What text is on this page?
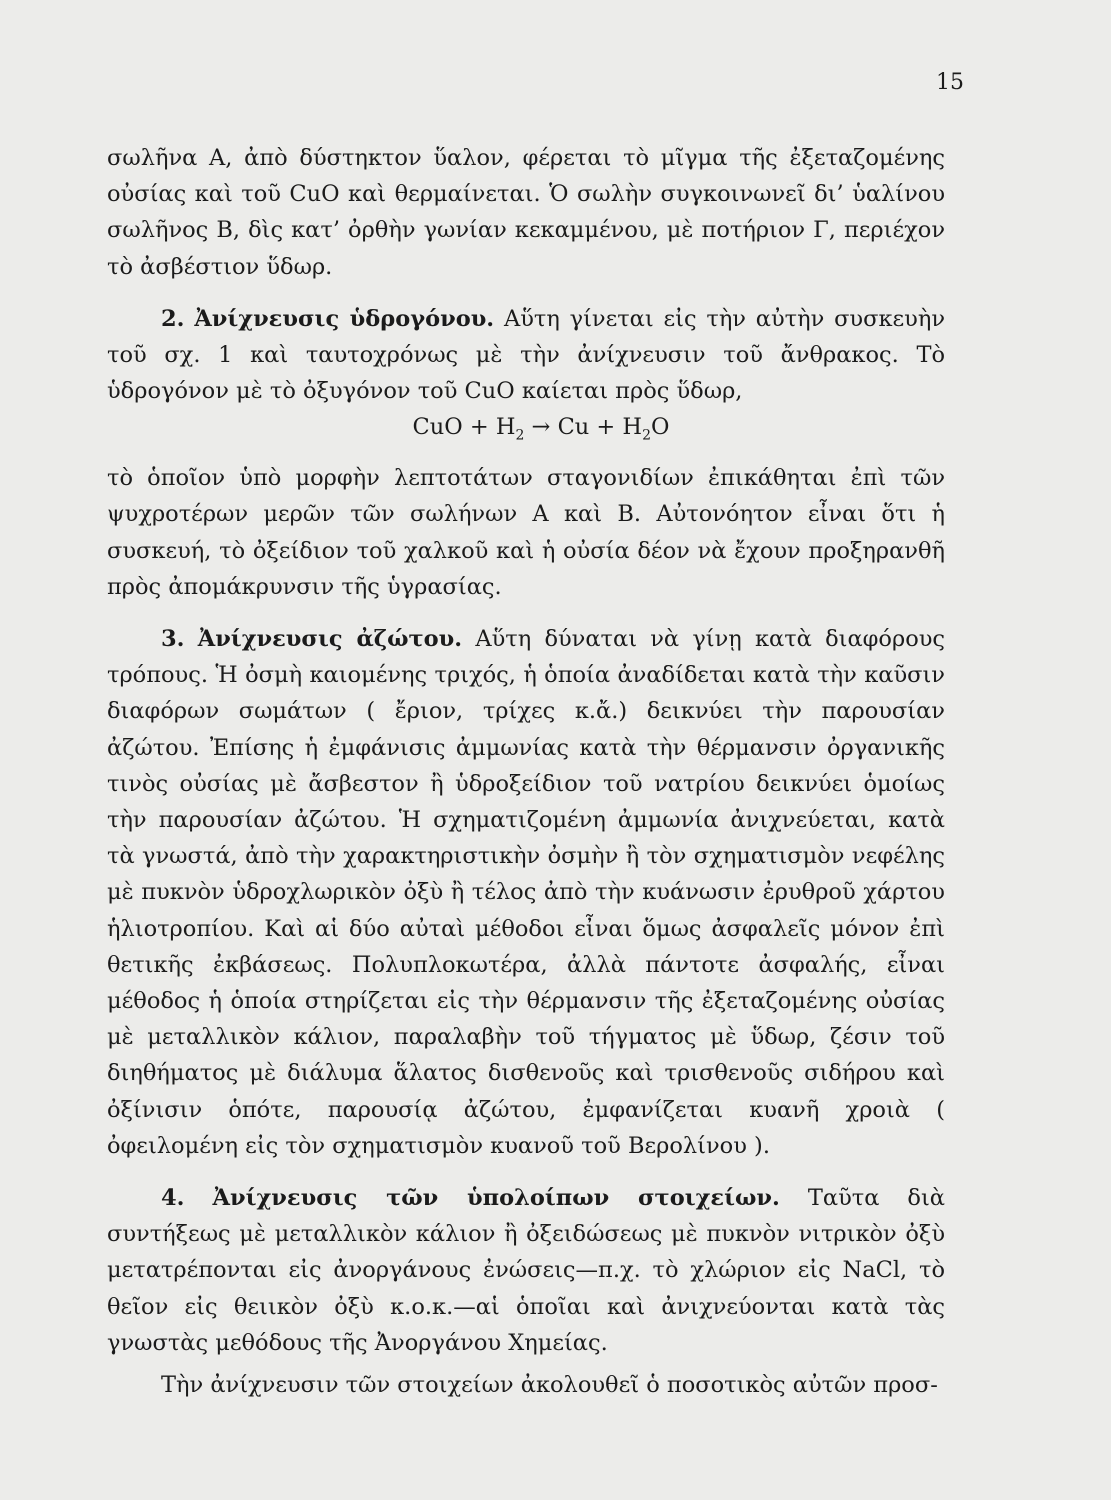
15

σωλῆνα Α, ἀπὸ δύστηκτον ὕαλον, φέρεται τὸ μῖγμα τῆς ἐξεταζομένης οὐσίας καὶ τοῦ CuO καὶ θερμαίνεται. Ὁ σωλὴν συγκοινωνεῖ δι’ ὑαλίνου σωλῆνος Β, δὶς κατ’ ὀρθὴν γωνίαν κεκαμμένου, μὲ ποτήριον Γ, περιέχον τὸ ἀσβέστιον ὕδωρ.

2. Ἀνίχνευσις ὑδρογόνου. Αὕτη γίνεται εἰς τὴν αὐτὴν συσκευὴν τοῦ σχ. 1 καὶ ταυτοχρόνως μὲ τὴν ἀνίχνευσιν τοῦ ἄνθρακος. Τὸ ὑδρογόνον μὲ τὸ ὀξυγόνον τοῦ CuO καίεται πρὸς ὕδωρ,

CuO + $H_2 \to Cu + H_2O$

τὸ ὁποῖον ὑπὸ μορφὴν λεπτοτάτων σταγονιδίων ἐπικάθηται ἐπὶ τῶν ψυχροτέρων μερῶν τῶν σωλήνων Α καὶ Β. Αὐτονόητον εἶναι ὅτι ἡ συσκευή, τὸ ὀξείδιον τοῦ χαλκοῦ καὶ ἡ οὐσία δέον νὰ ἔχουν προξηρανθῆ πρὸς ἀπομάκρυνσιν τῆς ὑγρασίας.

3. Ἀνίχνευσις ἀζώτου. Αὕτη δύναται νὰ γίνῃ κατὰ διαφόρους τρόπους. Ἡ ὀσμὴ καιομένης τριχός, ἡ ὁποία ἀναδίδεται κατὰ τὴν καῦσιν διαφόρων σωμάτων ( ἔριον, τρίχες κ.ἄ.) δεικνύει τὴν παρουσίαν ἀζώτου. Ἐπίσης ἡ ἐμφάνισις ἀμμωνίας κατὰ τὴν θέρμανσιν ὀργανικῆς τινὸς οὐσίας μὲ ἄσβεστον ἢ ὑδροξείδιον τοῦ νατρίου δεικνύει ὁμοίως τὴν παρουσίαν ἀζώτου. Ἡ σχηματιζομένη ἀμμωνία ἀνιχνεύεται, κατὰ τὰ γνωστά, ἀπὸ τὴν χαρακτηριστικὴν ὀσμὴν ἢ τὸν σχηματισμὸν νεφέλης μὲ πυκνὸν ὑδροχλωρικὸν ὀξὺ ἢ τέλος ἀπὸ τὴν κυάνωσιν ἐρυθροῦ χάρτου ἡλιοτροπίου. Καὶ αἱ δύο αὐταὶ μέθοδοι εἶναι ὅμως ἀσφαλεῖς μόνον ἐπὶ θετικῆς ἐκβάσεως. Πολυπλοκωτέρα, ἀλλὰ πάντοτε ἀσφαλής, εἶναι μέθοδος ἡ ὁποία στηρίζεται εἰς τὴν θέρμανσιν τῆς ἐξεταζομένης οὐσίας μὲ μεταλλικὸν κάλιον, παραλαβὴν τοῦ τήγματος μὲ ὕδωρ, ζέσιν τοῦ διηθήματος μὲ διάλυμα ἅλατος δισθενοῦς καὶ τρισθενοῦς σιδήρου καὶ ὀξίνισιν ὁπότε, παρουσίᾳ ἀζώτου, ἐμφανίζεται κυανῆ χροιὰ ( ὀφειλομένη εἰς τὸν σχηματισμὸν κυανοῦ τοῦ Βερολίνου ).

4. Ἀνίχνευσις τῶν ὑπολοίπων στοιχείων. Ταῦτα διὰ συντήξεως μὲ μεταλλικὸν κάλιον ἢ ὀξειδώσεως μὲ πυκνὸν νιτρικὸν ὀξὺ μετατρέπονται εἰς ἀνοργάνους ἐνώσεις—π.χ. τὸ χλώριον εἰς NaCl, τὸ θεῖον εἰς θειικὸν ὀξὺ κ.ο.κ.—αἱ ὁποῖαι καὶ ἀνιχνεύονται κατὰ τὰς γνωστὰς μεθόδους τῆς Ἀνοργάνου Χημείας.

Τὴν ἀνίχνευσιν τῶν στοιχείων ἀκολουθεῖ ὁ ποσοτικὸς αὐτῶν προσ-
